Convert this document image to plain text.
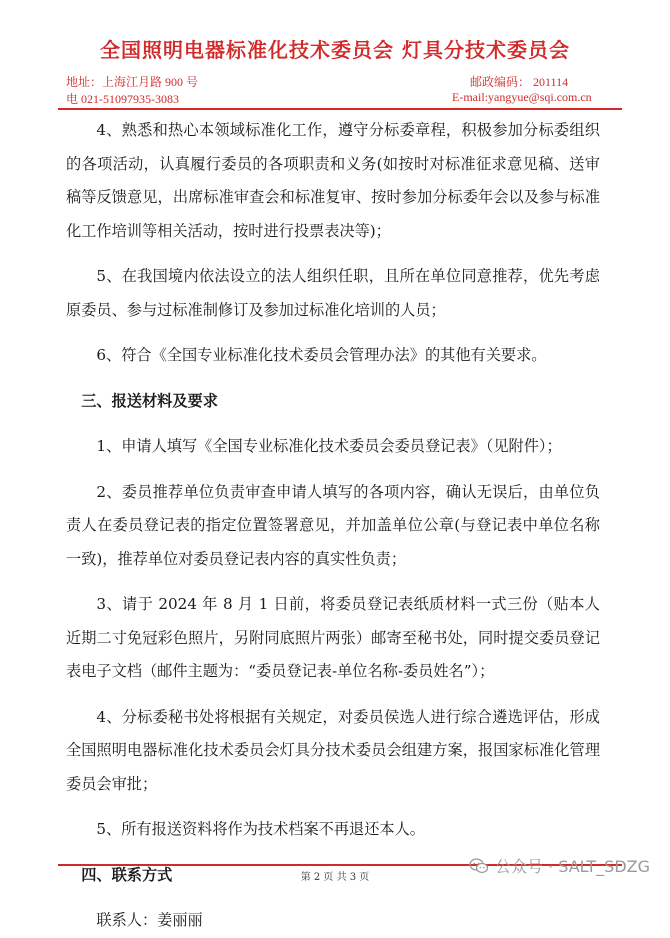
全国照明电器标准化技术委员会 灯具分技术委员会
地址：上海江月路 900 号
电 021-51097935-3083
邮政编码： 201114
E-mail:yangyue@sqi.com.cn

4、熟悉和热心本领域标准化工作，遵守分标委章程，积极参加分标委组织的各项活动，认真履行委员的各项职责和义务(如按时对标准征求意见稿、送审稿等反馈意见，出席标准审查会和标准复审、按时参加分标委年会以及参与标准化工作培训等相关活动，按时进行投票表决等)；

5、在我国境内依法设立的法人组织任职，且所在单位同意推荐，优先考虑原委员、参与过标准制修订及参加过标准化培训的人员；

6、符合《全国专业标准化技术委员会管理办法》的其他有关要求。

三、报送材料及要求

1、申请人填写《全国专业标准化技术委员会委员登记表》（见附件）；

2、委员推荐单位负责审查申请人填写的各项内容，确认无误后，由单位负责人在委员登记表的指定位置签署意见，并加盖单位公章(与登记表中单位名称一致)，推荐单位对委员登记表内容的真实性负责；

3、请于 2024 年 8 月 1 日前，将委员登记表纸质材料一式三份（贴本人近期二寸免冠彩色照片，另附同底照片两张）邮寄至秘书处，同时提交委员登记表电子文档（邮件主题为：“委员登记表-单位名称-委员姓名”）；

4、分标委秘书处将根据有关规定，对委员侯选人进行综合遴选评估，形成全国照明电器标准化技术委员会灯具分技术委员会组建方案，报国家标准化管理委员会审批；

5、所有报送资料将作为技术档案不再退还本人。

四、联系方式

联系人：姜丽丽

第 2 页 共 3 页
公众号 · SALT_SDZG
